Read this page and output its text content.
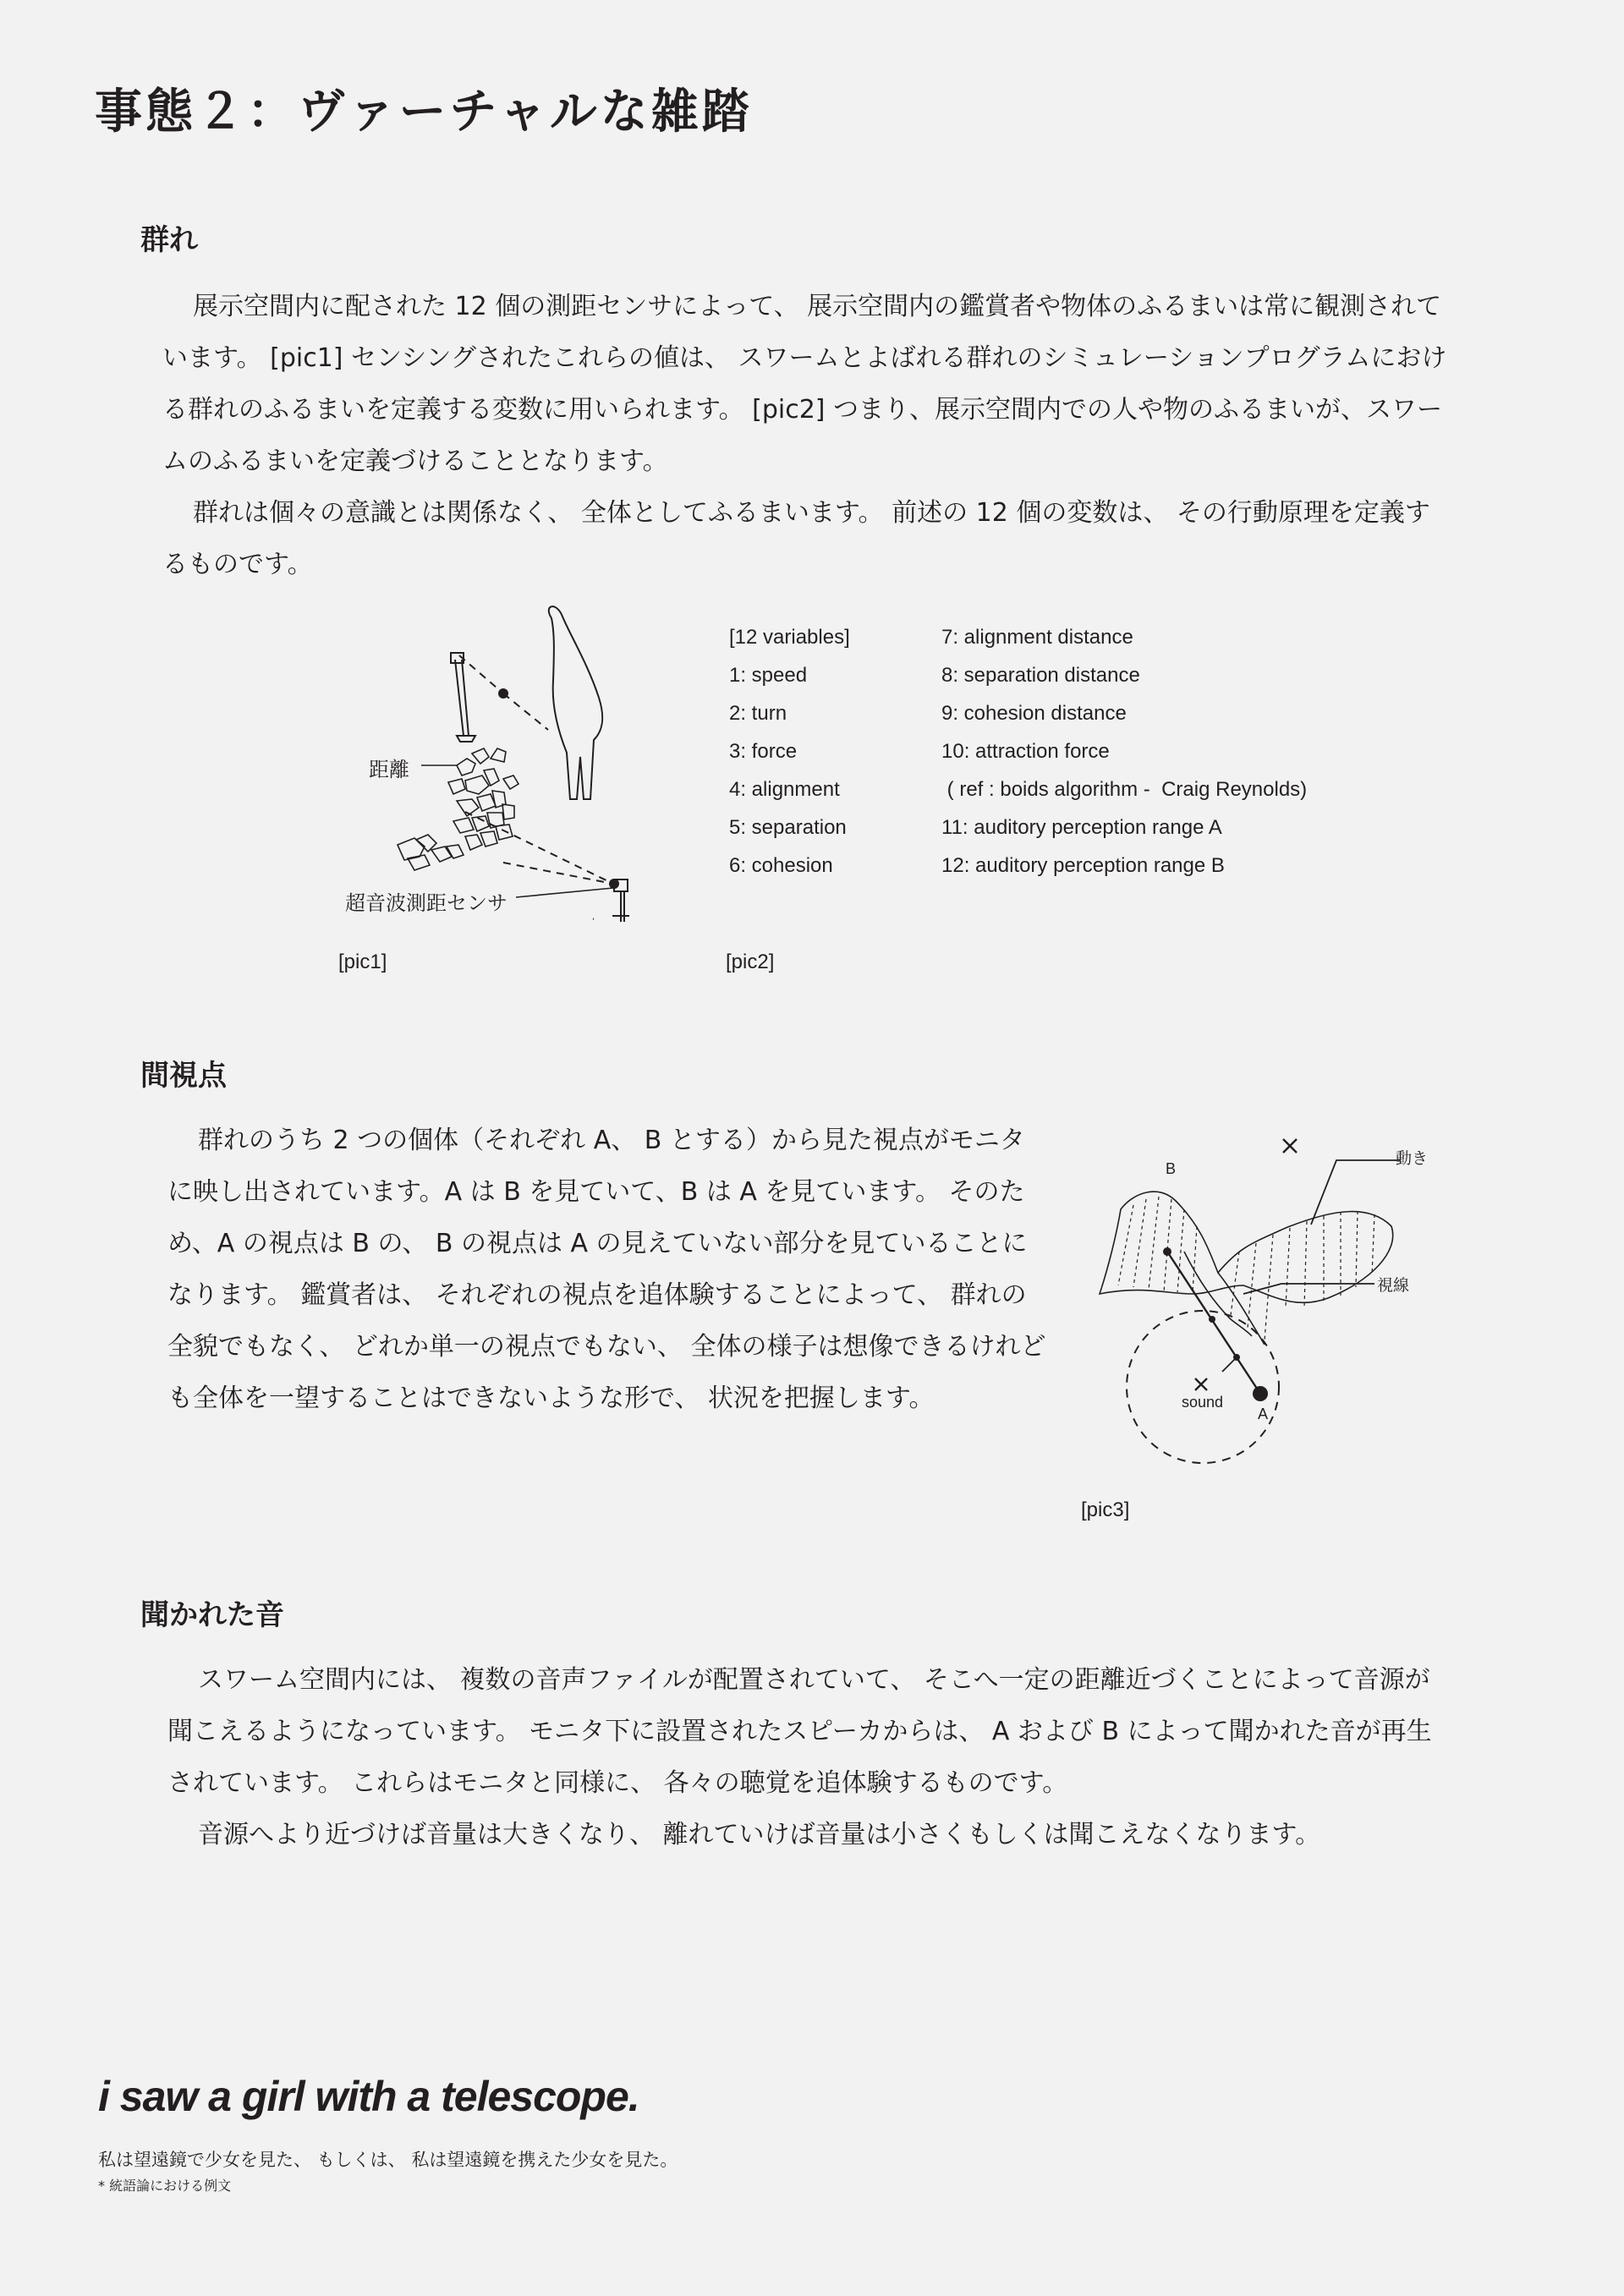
事態２：ヴァーチャルな雑踏
群れ

展示空間内に配された 12 個の測距センサによって、 展示空間内の鑑賞者や物体のふるまいは常に観測されています。 [pic1] センシングされたこれらの値は、 スワームとよばれる群れのシミュレーションプログラムにおける群れのふるまいを定義する変数に用いられます。 [pic2] つまり、展示空間内での人や物のふるまいが、スワームのふるまいを定義づけることとなります。

群れは個々の意識とは関係なく、 全体としてふるまいます。 前述の 12 個の変数は、 その行動原理を定義するものです。

,
距離
超音波測距センサ
[pic1]
[12 variables]
1: speed
2: turn
3: force
4: alignment
5: separation
6: cohesion
7: alignment distance
8: separation distance
9: cohesion distance
10: attraction force
( ref : boids algorithm -  Craig Reynolds)
11: auditory perception range A
12: auditory perception range B
[pic2]
間視点

群れのうち 2 つの個体（それぞれ A、 B とする）から見た視点がモニタに映し出されています。A は B を見ていて、B は A を見ています。 そのため、A の視点は B の、 B の視点は A の見えていない部分を見ていることになります。 鑑賞者は、 それぞれの視点を追体験することによって、 群れの全貌でもなく、 どれか単一の視点でもない、 全体の様子は想像できるけれども全体を一望することはできないような形で、 状況を把握します。

動き
視線
sound
A
B
[pic3]
聞かれた音

スワーム空間内には、 複数の音声ファイルが配置されていて、 そこへ一定の距離近づくことによって音源が聞こえるようになっています。 モニタ下に設置されたスピーカからは、 A および B によって聞かれた音が再生されています。 これらはモニタと同様に、 各々の聴覚を追体験するものです。

音源へより近づけば音量は大きくなり、 離れていけば音量は小さくもしくは聞こえなくなります。

i saw a girl with a telescope.
私は望遠鏡で少女を見た、 もしくは、 私は望遠鏡を携えた少女を見た。
* 統語論における例文
